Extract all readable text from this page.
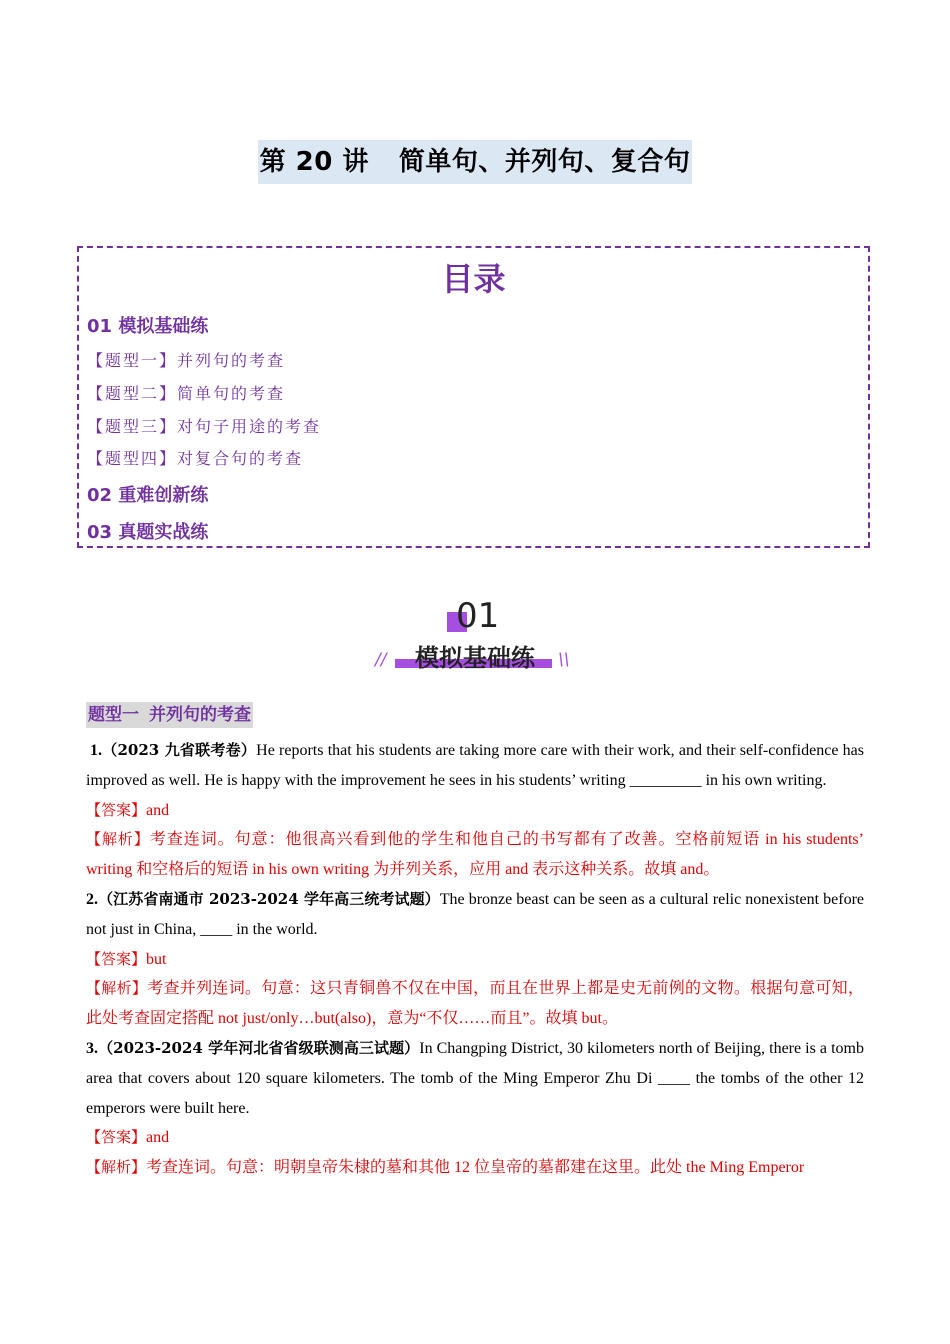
第 20 讲 简单句、并列句、复合句
目录
01 模拟基础练
【题型一】并列句的考查
【题型二】简单句的考查
【题型三】对句子用途的考查
【题型四】对复合句的考查
02 重难创新练
03 真题实战练
01
//	模拟基础练	\\
题型一 并列句的考查

1.（2023 九省联考卷）He reports that his students are taking more care with their work, and their self-confidence has improved as well. He is happy with the improvement he sees in his students’ writing _________ in his own writing.

【答案】and

【解析】考查连词。句意：他很高兴看到他的学生和他自己的书写都有了改善。空格前短语 in his students’ writing 和空格后的短语 in his own writing 为并列关系，应用 and 表示这种关系。故填 and。

2.（江苏省南通市 2023-2024 学年高三统考试题）The bronze beast can be seen as a cultural relic nonexistent before not just in China, ____ in the world.

【答案】but

【解析】考查并列连词。句意：这只青铜兽不仅在中国，而且在世界上都是史无前例的文物。根据句意可知，此处考查固定搭配 not just/only…but(also)，意为“不仅……而且”。故填 but。

3.（2023-2024 学年河北省省级联测高三试题）In Changping District, 30 kilometers north of Beijing, there is a tomb area that covers about 120 square kilometers. The tomb of the Ming Emperor Zhu Di ____ the tombs of the other 12 emperors were built here.

【答案】and

【解析】考查连词。句意：明朝皇帝朱棣的墓和其他 12 位皇帝的墓都建在这里。此处 the Ming Emperor
